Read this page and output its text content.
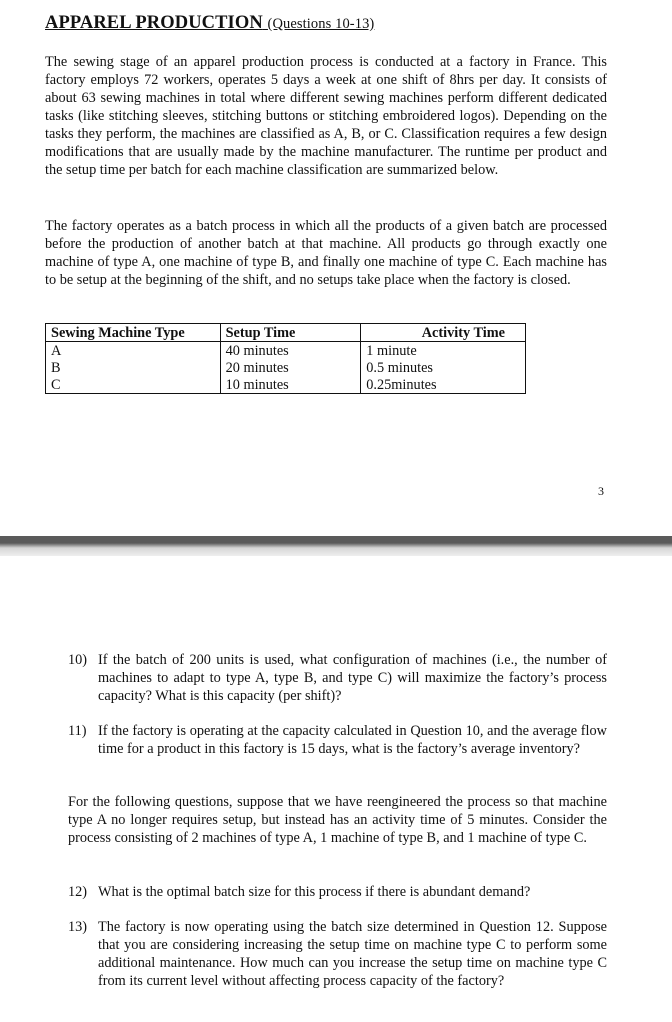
APPAREL PRODUCTION (Questions 10-13)

The sewing stage of an apparel production process is conducted at a factory in France. This factory employs 72 workers, operates 5 days a week at one shift of 8hrs per day. It consists of about 63 sewing machines in total where different sewing machines perform different dedicated tasks (like stitching sleeves, stitching buttons or stitching embroidered logos). Depending on the tasks they perform, the machines are classified as A, B, or C. Classification requires a few design modifications that are usually made by the machine manufacturer. The runtime per product and the setup time per batch for each machine classification are summarized below.

The factory operates as a batch process in which all the products of a given batch are processed before the production of another batch at that machine. All products go through exactly one machine of type A, one machine of type B, and finally one machine of type C. Each machine has to be setup at the beginning of the shift, and no setups take place when the factory is closed.

Sewing Machine Type	Setup Time	Activity Time
A	40 minutes	1 minute
B	20 minutes	0.5 minutes
C	10 minutes	0.25minutes
3

10) If the batch of 200 units is used, what configuration of machines (i.e., the number of machines to adapt to type A, type B, and type C) will maximize the factory’s process capacity? What is this capacity (per shift)?

11) If the factory is operating at the capacity calculated in Question 10, and the average flow time for a product in this factory is 15 days, what is the factory’s average inventory?

For the following questions, suppose that we have reengineered the process so that machine type A no longer requires setup, but instead has an activity time of 5 minutes. Consider the process consisting of 2 machines of type A, 1 machine of type B, and 1 machine of type C.

12) What is the optimal batch size for this process if there is abundant demand?

13) The factory is now operating using the batch size determined in Question 12. Suppose that you are considering increasing the setup time on machine type C to perform some additional maintenance. How much can you increase the setup time on machine type C from its current level without affecting process capacity of the factory?
